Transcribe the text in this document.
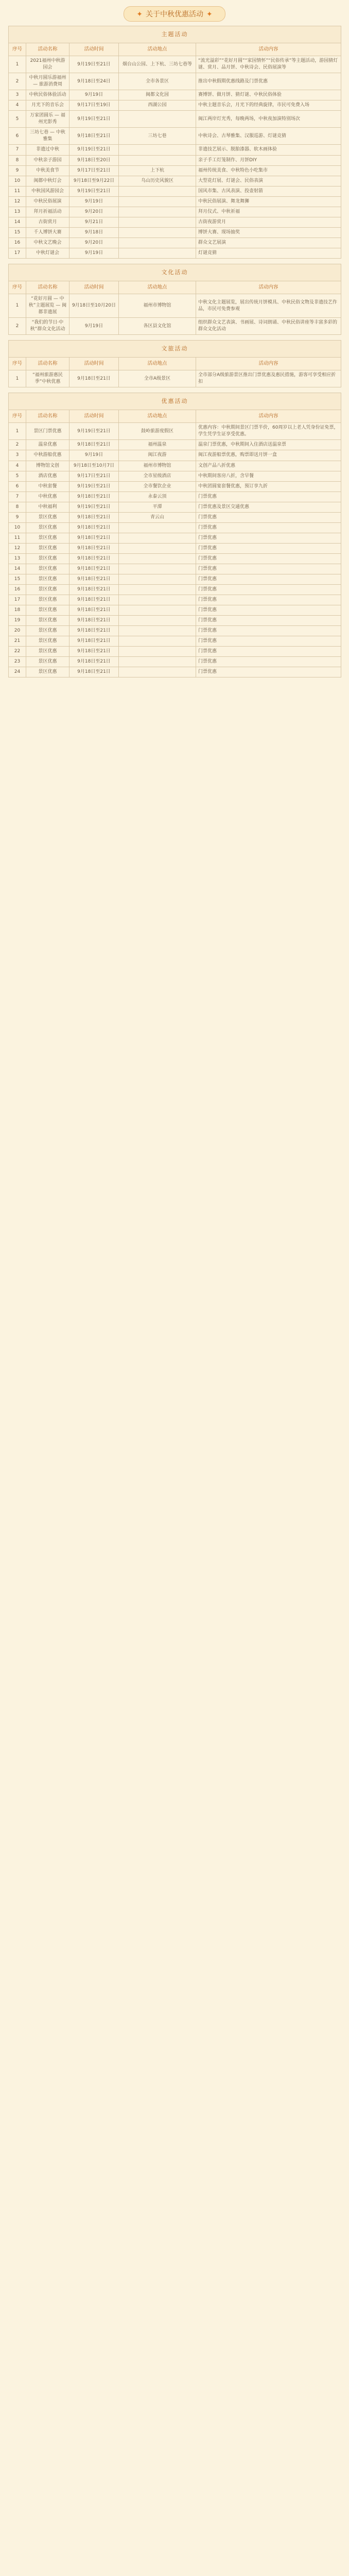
✦ 关于中秋优惠活动 ✦
主题活动				
序号	活动名称	活动时间	活动地点	活动内容
1	2021福州中秋游园会	9月19日至21日	烟台山公园、上下杭、三坊七巷等	“流光溢彩”“花好月圆”“家国情怀”“民俗传承”等主题活动，游园猜灯谜、赏月、品月饼、中秋诗会、民俗展演等
2	中秋月圆乐游福州 — 旅游消费周	9月18日至24日	全市各景区	推出中秋假期优惠线路及门票优惠
3	中秋民俗体验活动	9月19日	闽都文化园	赛博饼、做月饼、猜灯谜、中秋民俗体验
4	月光下的音乐会	9月17日至19日	西湖公园	中秋主题音乐会，月光下的经典旋律，市民可免费入场
5	万家团圆乐 — 福州光影秀	9月19日至21日		闽江两岸灯光秀，每晚两场，中秋夜加演特别场次
6	三坊七巷 — 中秋雅集	9月18日至21日	三坊七巷	中秋诗会、古琴雅集、汉服巡游、灯谜竞猜
7	非遗过中秋	9月19日至21日		非遗技艺展示、脱胎漆器、软木画体验
8	中秋亲子游园	9月18日至20日		亲子手工灯笼制作、月饼DIY
9	中秋美食节	9月17日至21日	上下杭	福州传统美食、中秋特色小吃集市
10	闽都中秋灯会	9月18日至9月22日	乌山历史风貌区	大型花灯展、灯谜会、民俗表演
11	中秋国风游园会	9月19日至21日		国风市集、古风表演、投壶射箭
12	中秋民俗展演	9月19日		中秋民俗展演、舞龙舞狮
13	拜月祈福活动	9月20日		拜月仪式、中秋祈福
14	古街赏月	9月21日		古街夜游赏月
15	千人博饼大赛	9月18日		博饼大赛、现场抽奖
16	中秋文艺晚会	9月20日		群众文艺展演
17	中秋灯谜会	9月19日		灯谜竞猜
文化活动				
序号	活动名称	活动时间	活动地点	活动内容
1	“花好月圆 — 中秋”主题展览 — 闽都非遗展	9月18日至10月20日	福州市博物馆	中秋文化主题展览，展出传统月饼模具、中秋民俗文物及非遗技艺作品，市民可免费参观
2	“我们的节日·中秋”群众文化活动	9月19日	各区县文化馆	组织群众文艺表演、书画展、诗词朗诵、中秋民俗讲座等丰富多彩的群众文化活动
文旅活动				
序号	活动名称	活动时间	活动地点	活动内容
1	“福州旅游惠民季”中秋优惠	9月18日至21日	全市A级景区	全市部分A级旅游景区推出门票优惠及惠民措施，游客可享受相应折扣
优惠活动				
序号	活动名称	活动时间	活动地点	活动内容
1	景区门票优惠	9月19日至21日	鼓岭旅游度假区	优惠内容：中秋期间景区门票半价，60周岁以上老人凭身份证免票，学生凭学生证享受优惠。
2	温泉优惠	9月18日至21日	福州温泉	温泉门票优惠，中秋期间入住酒店送温泉票
3	中秋游船优惠	9月19日	闽江夜游	闽江夜游船票优惠，购票即送月饼一盒
4	博物馆文创	9月18日至10月7日	福州市博物馆	文创产品八折优惠
5	酒店优惠	9月17日至21日	全市星级酒店	中秋期间客房八折，含早餐
6	中秋套餐	9月19日至21日	全市餐饮企业	中秋团圆宴套餐优惠，预订享九折
7	中秋优惠	9月18日至21日	永泰云顶	门票优惠
8	中秋福利	9月19日至21日	平潭	门票优惠及景区交通优惠
9	景区优惠	9月18日至21日	青云山	门票优惠
10	景区优惠	9月18日至21日		门票优惠
11	景区优惠	9月18日至21日		门票优惠
12	景区优惠	9月18日至21日		门票优惠
13	景区优惠	9月18日至21日		门票优惠
14	景区优惠	9月18日至21日		门票优惠
15	景区优惠	9月18日至21日		门票优惠
16	景区优惠	9月18日至21日		门票优惠
17	景区优惠	9月18日至21日		门票优惠
18	景区优惠	9月18日至21日		门票优惠
19	景区优惠	9月18日至21日		门票优惠
20	景区优惠	9月18日至21日		门票优惠
21	景区优惠	9月18日至21日		门票优惠
22	景区优惠	9月18日至21日		门票优惠
23	景区优惠	9月18日至21日		门票优惠
24	景区优惠	9月18日至21日		门票优惠
